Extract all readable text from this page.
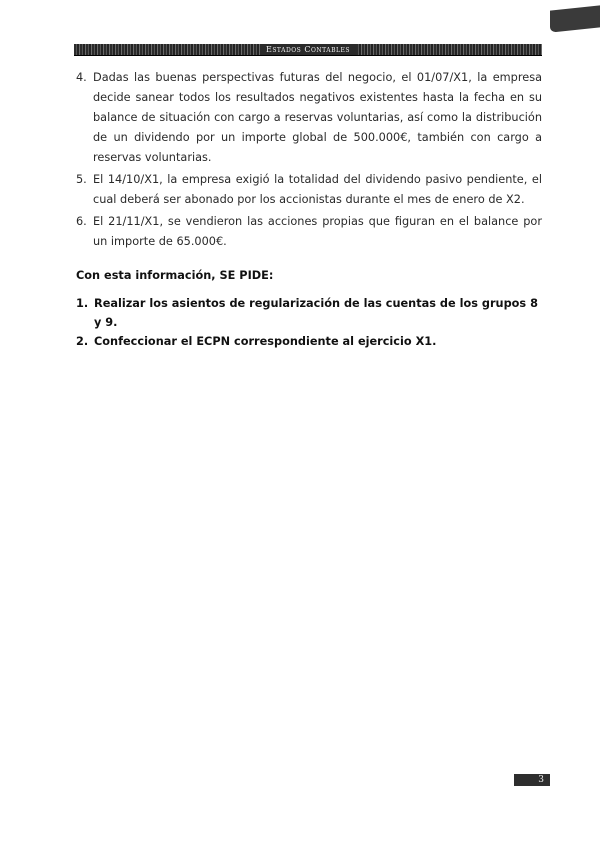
Estados Contables

4. Dadas las buenas perspectivas futuras del negocio, el 01/07/X1, la empresa decide sanear todos los resultados negativos existentes hasta la fecha en su balance de situación con cargo a reservas voluntarias, así como la distribución de un dividendo por un importe global de 500.000€, también con cargo a reservas voluntarias.

5. El 14/10/X1, la empresa exigió la totalidad del dividendo pasivo pendiente, el cual deberá ser abonado por los accionistas durante el mes de enero de X2.

6. El 21/11/X1, se vendieron las acciones propias que figuran en el balance por un importe de 65.000€.

Con esta información, SE PIDE:
1. Realizar los asientos de regularización de las cuentas de los grupos 8 y 9.
2. Confeccionar el ECPN correspondiente al ejercicio X1.
3
